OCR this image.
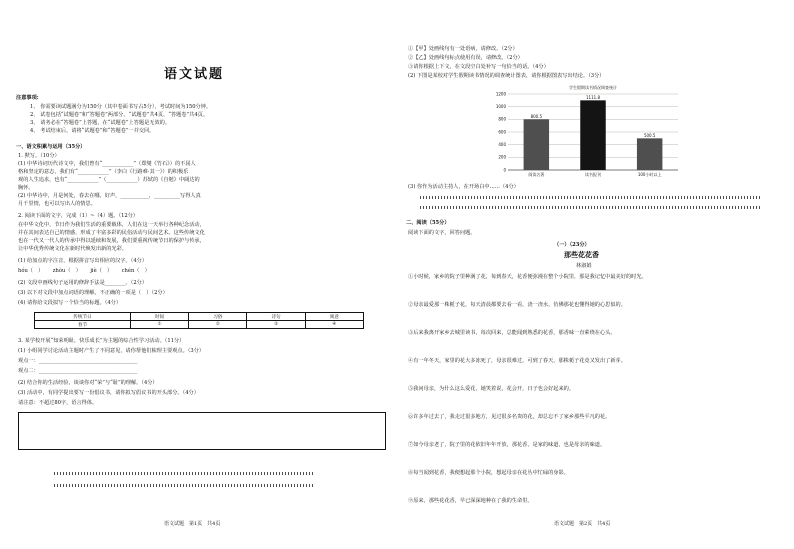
语文试题
注意事项:
1、 你需要读试题满分为150分（其中卷面书写占5分），考试时间为150分钟。
2、 试卷包括“试题卷”和“答题卷”两部分，“试题卷”共4页，“答题卷”共4页。
3、 请务必在“答题卷”上答题，在“试题卷”上答题是无效的。
4、 考试结束后，请将“试题卷”和“答题卷”一并交回。
一、语文积累与运用（35分）
1. 默写。（10分）
(1) 中华诗词历代诗文中，我们曾有“____________”（郑燮《竹石》）的不屈人
格和坚定的意志，我们有“____________”（李白《行路难·其一》）的积极乐
观的人生追求，也有“____________”（____________）苏轼的《自勉》中阔达的
胸怀。
(2) 中华诗中，月是何处，春去在哪，好声，___________，__________写得人真
月千里情，也可以写出人的情思。
2. 阅读下面的文字，完成（1）~（4）题。（12分）
在中华文化中，节日作为我们生活的重要载体，人们在这一天举行各种纪念活动，
并在其间表达自己的情感，形成了丰富多彩的民俗活动与民间艺术。这些传统文化
也在一代又一代人的传承中得以延续和发展，我们要重视传统节日的保护与传承，
让中华优秀传统文化在新时代焕发出新的光彩。
(1) 给加点的字注音，根据拼音写出相应的汉字。（4分）
hóu（　）　　 zhòu（　）　　 jiè（　）　　 chén（　）
(2) 文段中画线句子运用的修辞手法是________。（2分）
(3) 以下对文段中加点词语的理解，不正确的一项是（　）（2分）
(4) 请你给文段拟写一个恰当的标题。（4分）
传统节日	时间	习俗	诗句	寓意
春节	①	②	③	④
3. 某学校开展“知荣明耻，快乐成长”为主题的综合性学习活动。（11分）
(1) 小组同学讨论活动主题时产生了不同意见，请你帮他们梳理主要观点。（3分）
观点一：______________________________________
观点二：______________________________________
(2) 结合你的生活经验，谈谈你对“荣”与“耻”的理解。（4分）
(3) 活动中，有同学提出要写一份倡议书，请你拟写倡议书的开头部分。（4分）
请注意：不超过80字，语言得体。
语文试题　第1页　共4页
①【甲】处画线句有一处语病，请修改。（2分）
②【乙】处画线句标点使用有误，请修改。（2分）
③请你根据上下文，在文段空白处补写一句恰当的话。（4分）
(2) 下图是某校对学生假期读书情况的调查统计图表，请你根据图表写出结论。（3分）
学生假期读书情况调查统计
1200
1000
800
600
400
200
0
800.5
1111.8
500.5
阅读名著	读书报刊	100小时以上
(3) 你作为活动主持人，在开场白中……（4分）
二、阅读（55分）
阅读下面的文字，回答问题。
（一）（23分）
那些花花香
林淑娟
①小时候，家乡的院子里种满了花，每到春天，花香便弥漫在整个小院里，那是我记忆中最美好的时光。
②母亲最爱那一株栀子花，每天清晨都要去看一看，浇一浇水，仿佛那花也懂得她的心思似的。
③后来我离开家乡去城里读书，每次回来，总能闻到熟悉的花香，那香味一直萦绕在心头。
④有一年冬天，家里的花大多冻死了，母亲很难过，可到了春天，那株栀子花竟又发出了新芽。
⑤我问母亲，为什么这么爱花，她笑着说，花会开，日子也会好起来的。
⑥许多年过去了，我走过很多地方，见过很多名贵的花，却总忘不了家乡那些平凡的花。
⑦如今母亲老了，院子里的花依旧年年开放，那花香，是家的味道，也是母亲的味道。
⑧每当闻到花香，我便想起那个小院，想起母亲在花丛中忙碌的身影。
⑨原来，那些花花香，早已深深地种在了我的生命里。
语文试题　第2页　共4页
